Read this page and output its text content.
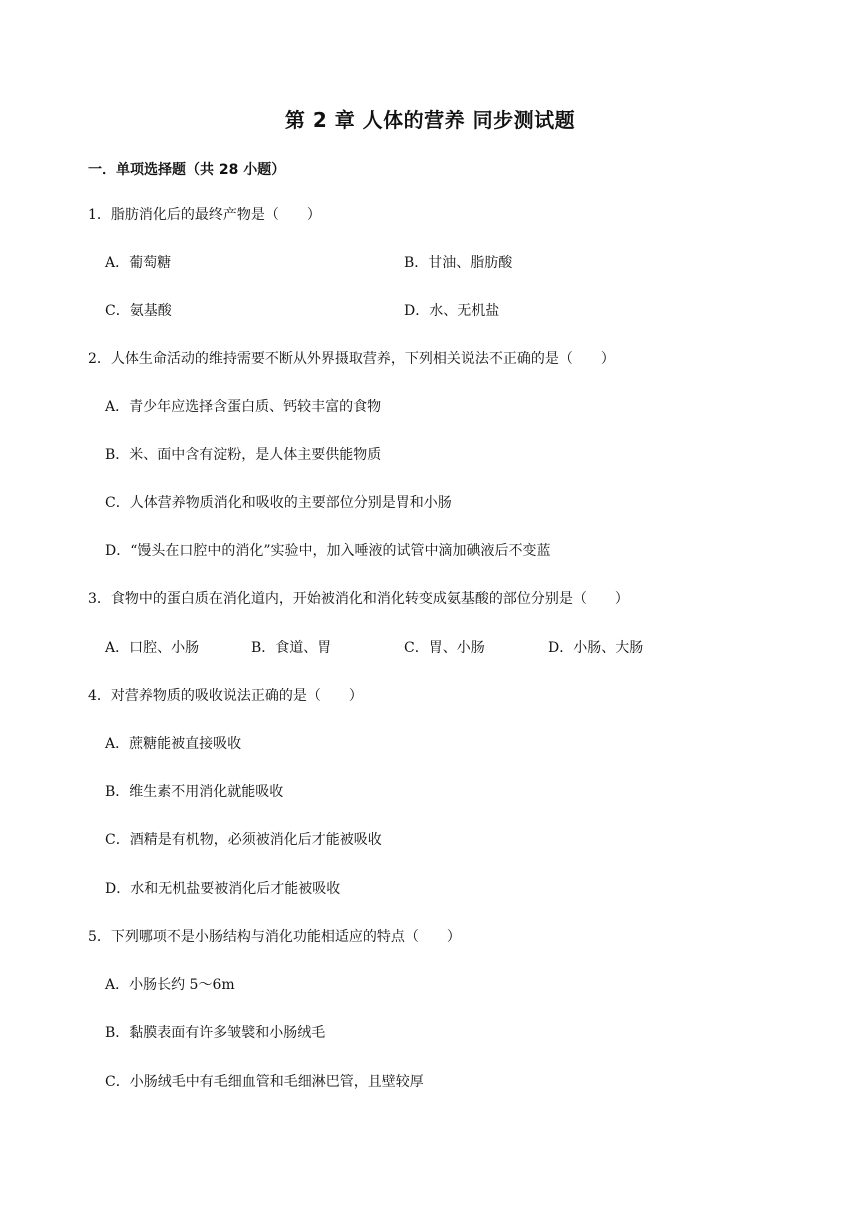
第 2 章 人体的营养 同步测试题
一．单项选择题（共 28 小题）
1．脂肪消化后的最终产物是（　　）
A．葡萄糖	B．甘油、脂肪酸
C．氨基酸	D．水、无机盐
2．人体生命活动的维持需要不断从外界摄取营养，下列相关说法不正确的是（　　）
A．青少年应选择含蛋白质、钙较丰富的食物
B．米、面中含有淀粉，是人体主要供能物质
C．人体营养物质消化和吸收的主要部位分别是胃和小肠
D．“馒头在口腔中的消化”实验中，加入唾液的试管中滴加碘液后不变蓝
3．食物中的蛋白质在消化道内，开始被消化和消化转变成氨基酸的部位分别是（　　）
A．口腔、小肠	B．食道、胃	C．胃、小肠	D．小肠、大肠
4．对营养物质的吸收说法正确的是（　　）
A．蔗糖能被直接吸收
B．维生素不用消化就能吸收
C．酒精是有机物，必须被消化后才能被吸收
D．水和无机盐要被消化后才能被吸收
5．下列哪项不是小肠结构与消化功能相适应的特点（　　）
A．小肠长约 5～6m
B．黏膜表面有许多皱襞和小肠绒毛
C．小肠绒毛中有毛细血管和毛细淋巴管，且壁较厚
